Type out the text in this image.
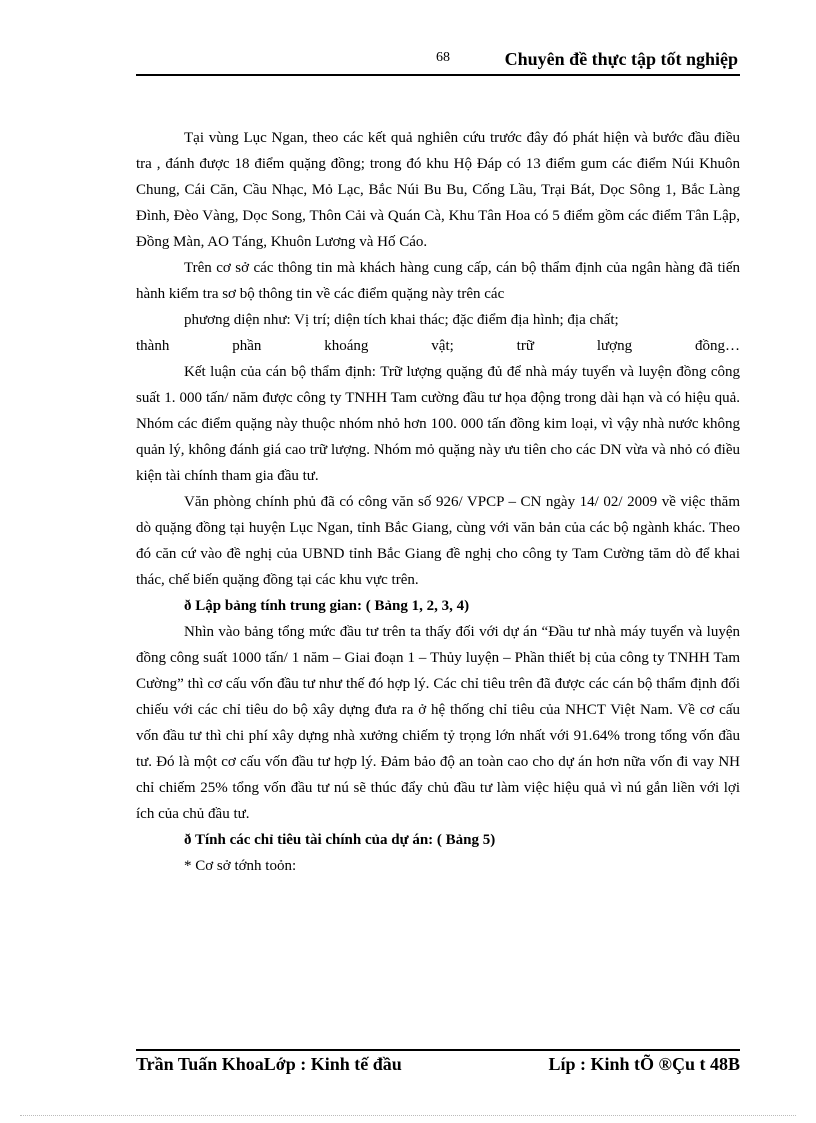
68	Chuyên đề thực tập tốt nghiệp

Tại vùng Lục Ngan, theo các kết quả nghiên cứu trước đây đó phát hiện và bước đầu điều tra , đánh được 18 điểm quặng đồng; trong đó khu Hộ Đáp có 13 điểm gum các điểm Núi Khuôn Chung, Cái Căn, Cầu Nhạc, Mỏ Lạc, Bắc Núi Bu Bu, Cống Lầu, Trại Bát, Dọc Sông 1, Bắc Làng Đình, Đèo Vàng, Dọc Song, Thôn Cải và Quán Cà, Khu Tân Hoa có 5 điểm gồm các điểm Tân Lập, Đồng Màn, AO Táng, Khuôn Lương và Hố Cáo.

Trên cơ sở các thông tin mà khách hàng cung cấp, cán bộ thẩm định của ngân hàng đã tiến hành kiểm tra sơ bộ thông tin về các điểm quặng này trên các

phương diện như: Vị trí; diện tích khai thác; đặc điểm địa hình; địa chất;

thành	phần	khoáng	vật;	trữ	lượng	đồng…

Kết luận của cán bộ thẩm định: Trữ lượng quặng đủ để nhà máy tuyển và luyện đồng công suất 1. 000 tấn/ năm được công ty TNHH Tam cường đầu tư họa động trong dài hạn và có hiệu quả. Nhóm các điểm quặng này thuộc nhóm nhỏ hơn 100. 000 tấn đồng kim loại, vì vậy nhà nước không quản lý, không đánh giá cao trữ lượng. Nhóm mỏ quặng này ưu tiên cho các DN vừa và nhỏ có điều kiện tài chính tham gia đầu tư.

Văn phòng chính phủ đã có công văn số 926/ VPCP – CN ngày 14/ 02/ 2009 về việc thăm dò quặng đồng tại huyện Lục Ngan, tỉnh Bắc Giang, cùng với văn bản của các bộ ngành khác. Theo đó căn cứ vào đề nghị của UBND tỉnh Bắc Giang đề nghị cho công ty Tam Cường tăm dò để khai thác, chế biến quặng đồng tại các khu vực trên.

ð Lập bảng tính trung gian: ( Bảng 1, 2, 3, 4)

Nhìn vào bảng tổng mức đầu tư trên ta thấy đối với dự án “Đầu tư nhà máy tuyển và luyện đồng công suất 1000 tấn/ 1 năm – Giai đoạn 1 – Thủy luyện – Phần thiết bị của công ty TNHH Tam Cường” thì cơ cấu vốn đầu tư như thế đó hợp lý. Các chỉ tiêu trên đã được các cán bộ thẩm định đối chiếu với các chỉ tiêu do bộ xây dựng đưa ra ở hệ thống chỉ tiêu của NHCT Việt Nam. Về cơ cấu vốn đầu tư thì chi phí xây dựng nhà xưởng chiếm tỷ trọng lớn nhất với 91.64% trong tổng vốn đầu tư. Đó là một cơ cấu vốn đầu tư hợp lý. Đảm bảo độ an toàn cao cho dự án hơn nữa vốn đi vay NH chỉ chiếm 25% tổng vốn đầu tư nú sẽ thúc đẩy chủ đầu tư làm việc hiệu quả vì nú gắn liền với lợi ích của chủ đầu tư.

ð Tính các chỉ tiêu tài chính của dự án: ( Bảng 5)

* Cơ sở tớnh toỏn:

Trần Tuấn KhoaLớp : Kinh tế đầu	Líp : Kinh tÕ ®Çu t 48B
